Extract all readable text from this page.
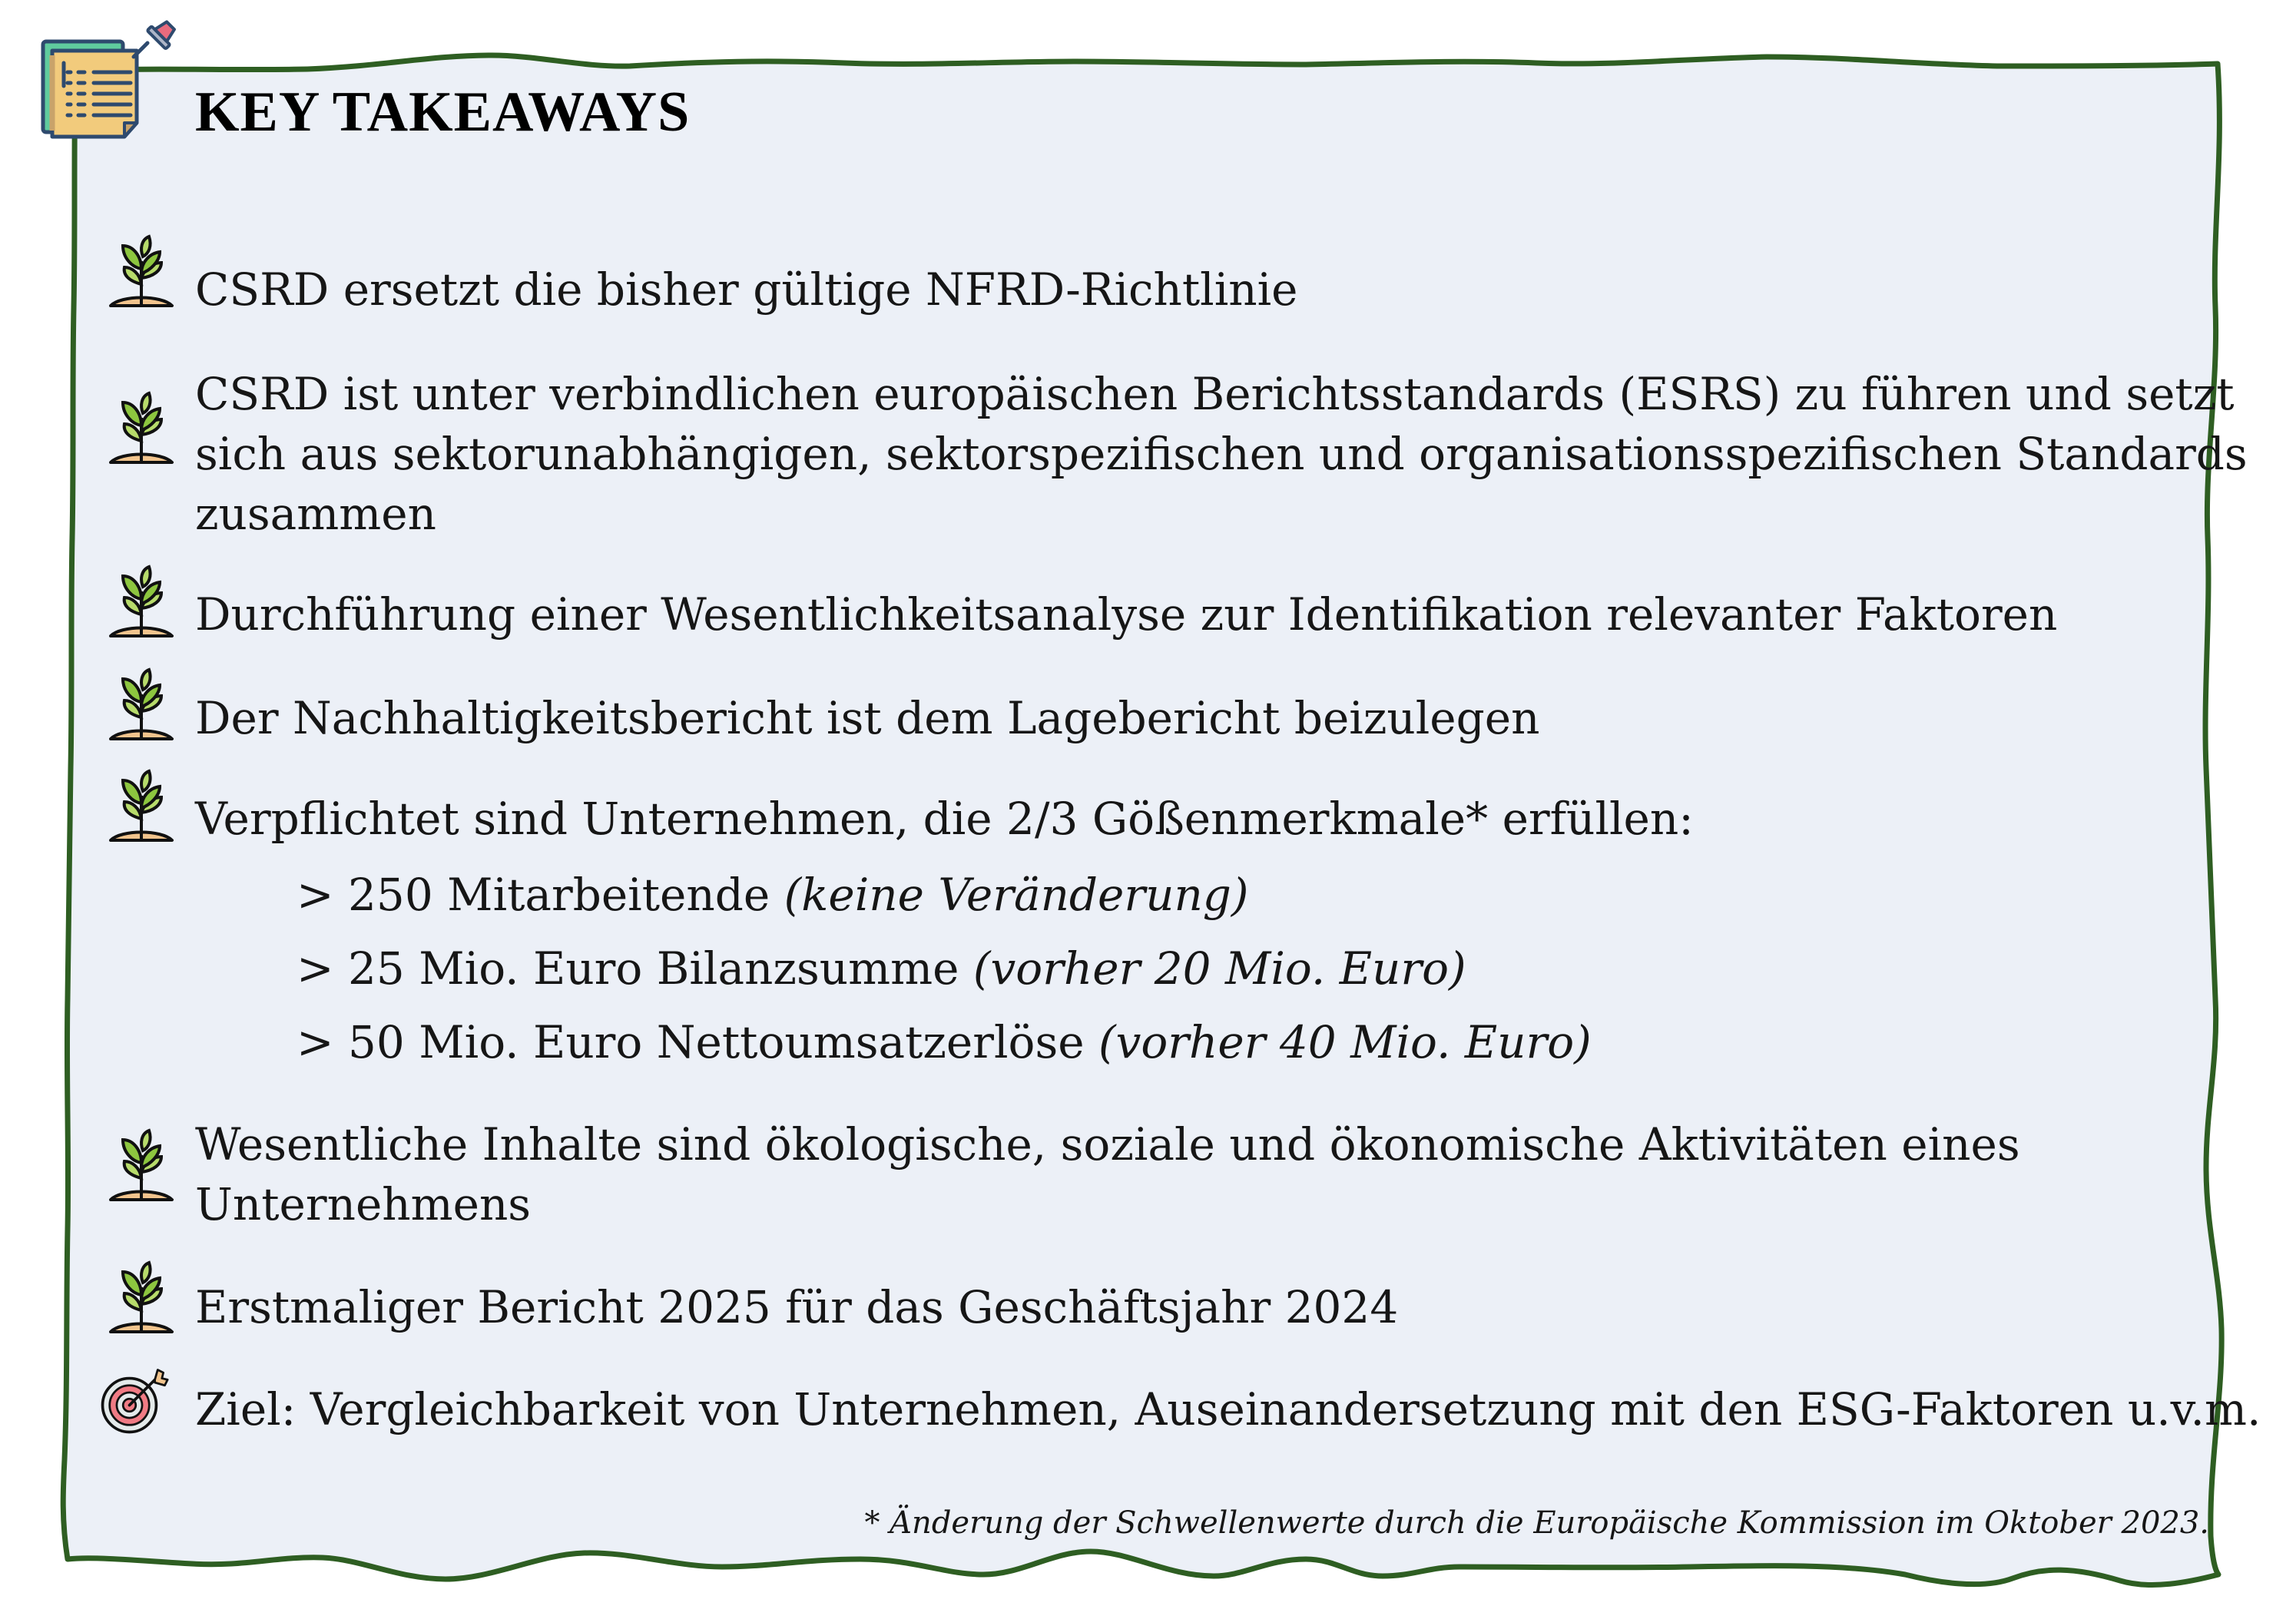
KEY TAKEAWAYS
CSRD ersetzt die bisher gültige NFRD-Richtlinie
CSRD ist unter verbindlichen europäischen Berichtsstandards (ESRS) zu führen und setzt
sich aus sektorunabhängigen, sektorspezifischen und organisationsspezifischen Standards
zusammen
Durchführung einer Wesentlichkeitsanalyse zur Identifikation relevanter Faktoren
Der Nachhaltigkeitsbericht ist dem Lagebericht beizulegen
Verpflichtet sind Unternehmen, die 2/3 Gößenmerkmale* erfüllen:
> 250 Mitarbeitende (keine Veränderung)
> 25 Mio. Euro Bilanzsumme (vorher 20 Mio. Euro)
> 50 Mio. Euro Nettoumsatzerlöse (vorher 40 Mio. Euro)
Wesentliche Inhalte sind ökologische, soziale und ökonomische Aktivitäten eines
Unternehmens
Erstmaliger Bericht 2025 für das Geschäftsjahr 2024
Ziel: Vergleichbarkeit von Unternehmen, Auseinandersetzung mit den ESG-Faktoren u.v.m.
* Änderung der Schwellenwerte durch die Europäische Kommission im Oktober 2023.
